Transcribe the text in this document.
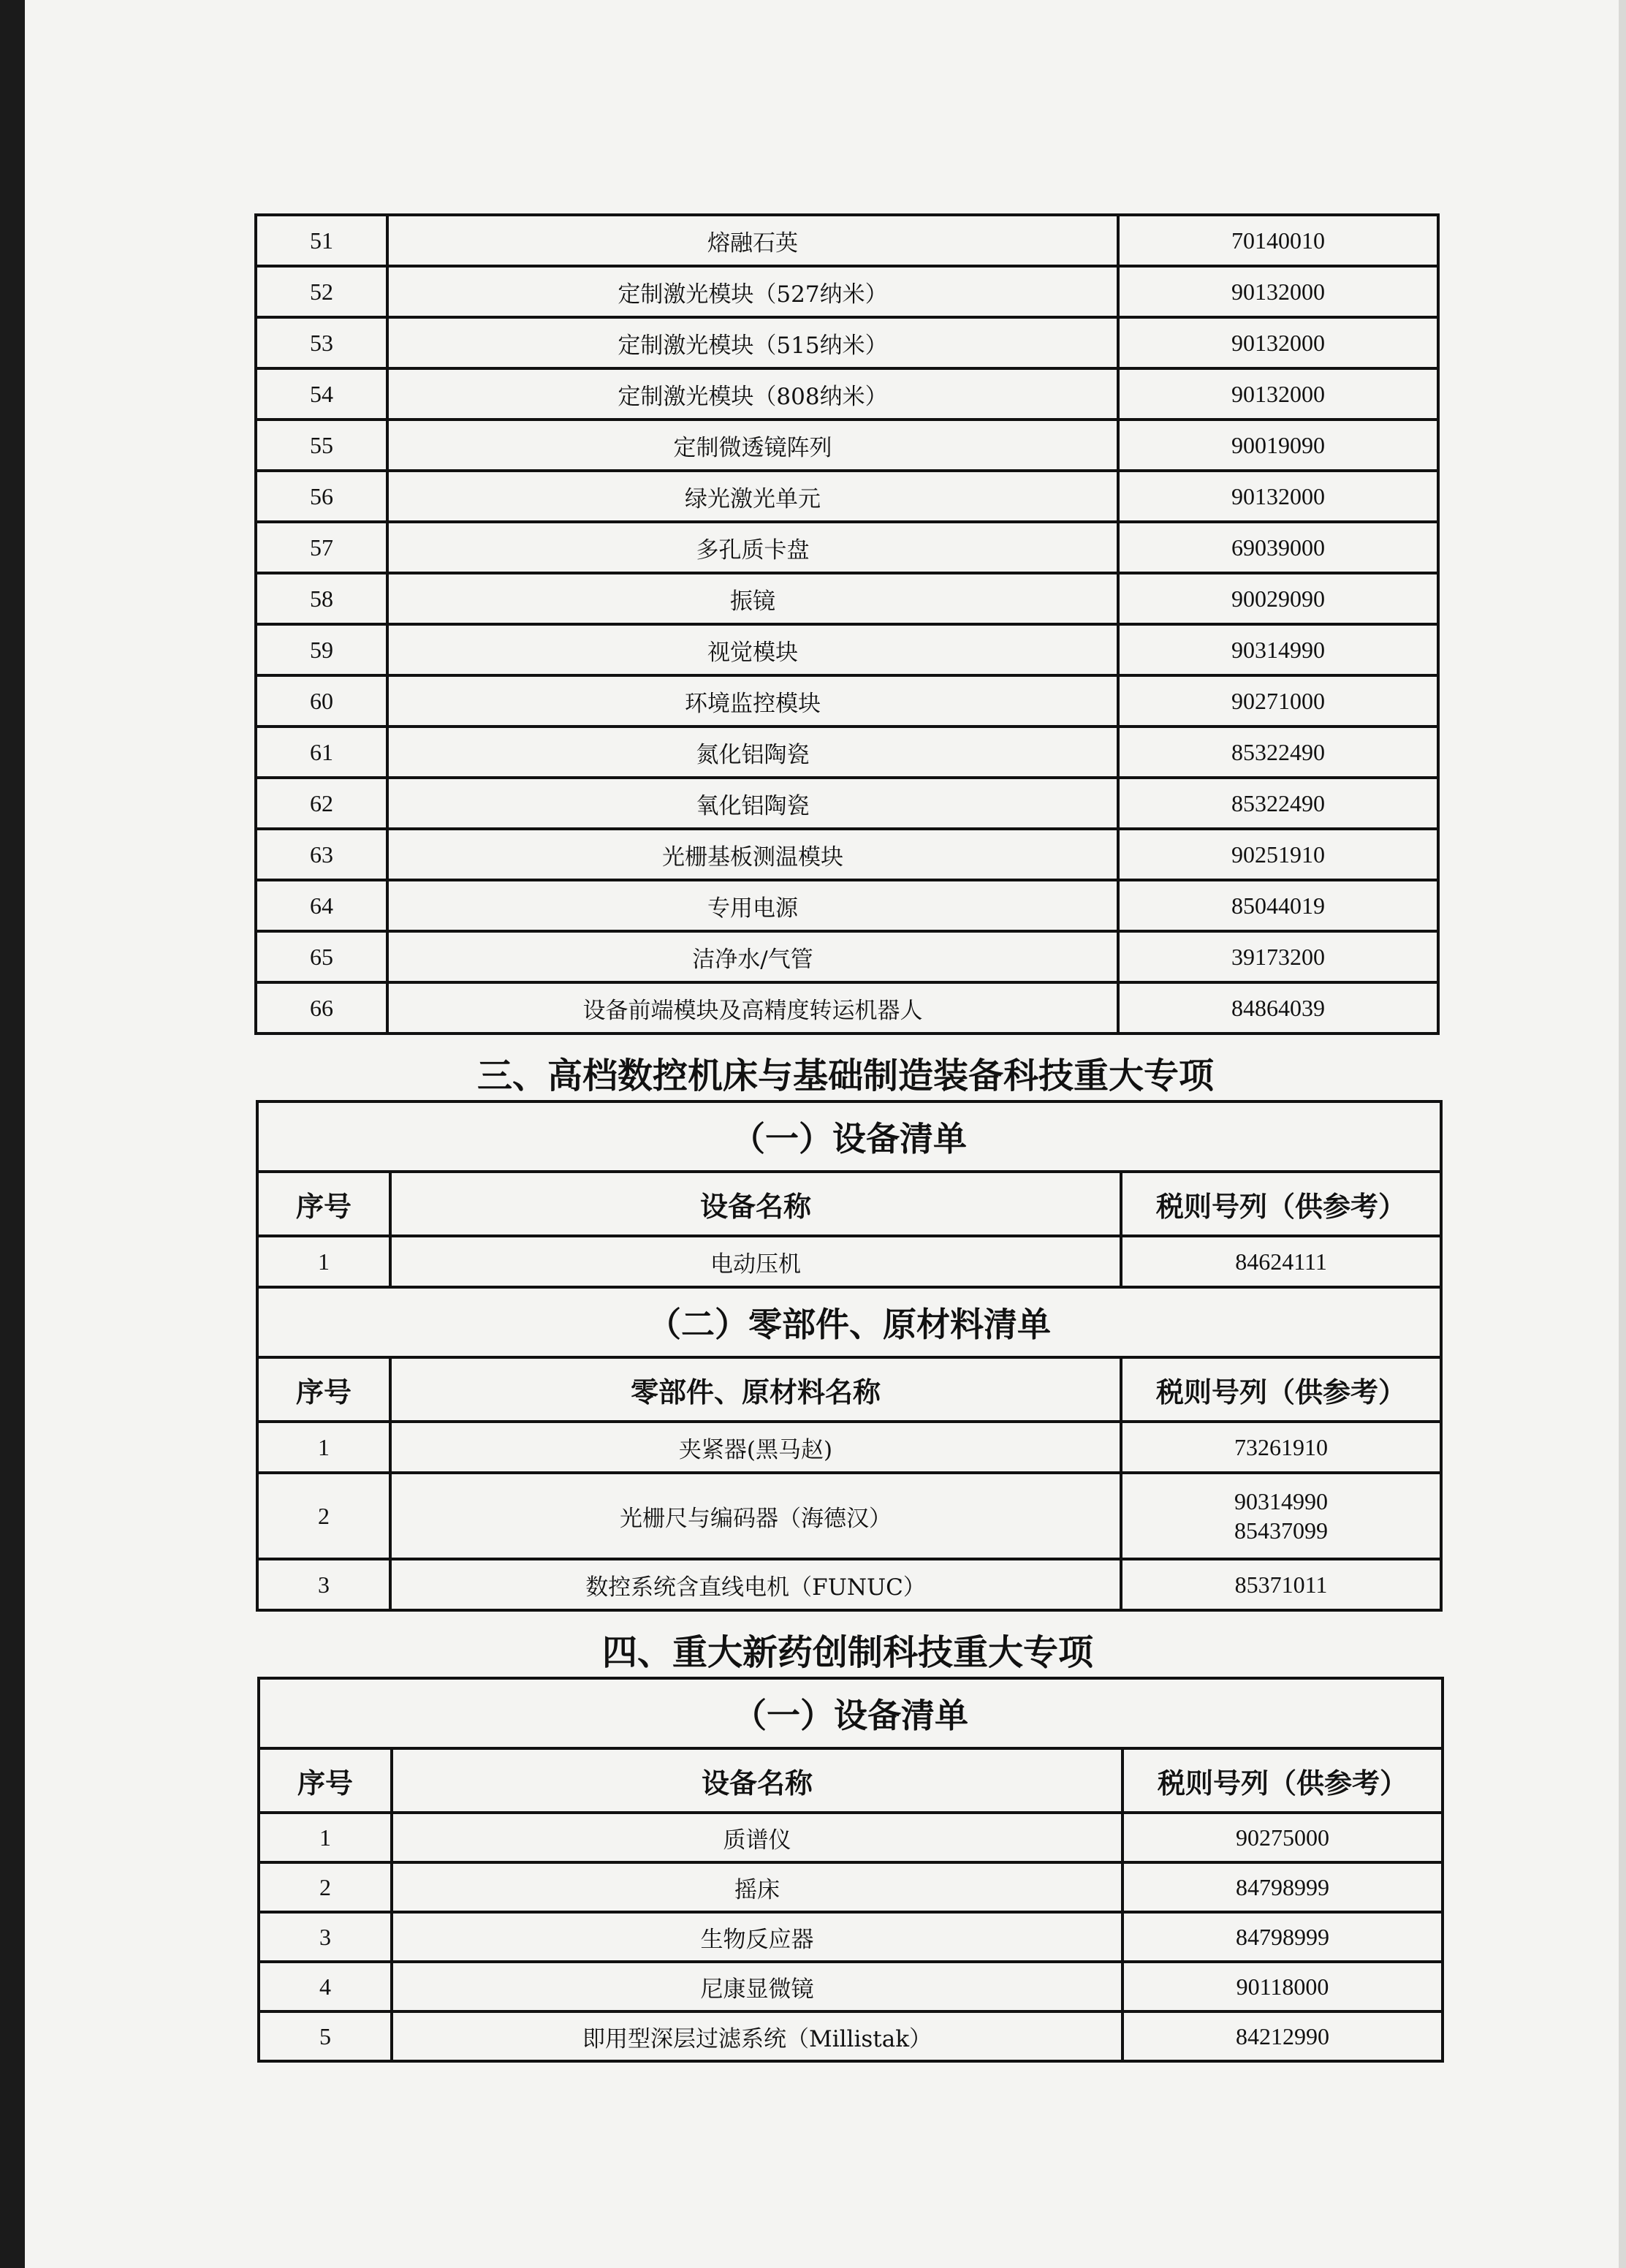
51	熔融石英	70140010
52	定制激光模块（527纳米）	90132000
53	定制激光模块（515纳米）	90132000
54	定制激光模块（808纳米）	90132000
55	定制微透镜阵列	90019090
56	绿光激光单元	90132000
57	多孔质卡盘	69039000
58	振镜	90029090
59	视觉模块	90314990
60	环境监控模块	90271000
61	氮化铝陶瓷	85322490
62	氧化铝陶瓷	85322490
63	光栅基板测温模块	90251910
64	专用电源	85044019
65	洁净水/气管	39173200
66	设备前端模块及高精度转运机器人	84864039
三、高档数控机床与基础制造装备科技重大专项
（一）设备清单		
序号	设备名称	税则号列（供参考）
1	电动压机	84624111
（二）零部件、原材料清单		
序号	零部件、原材料名称	税则号列（供参考）
1	夹紧器(黑马赵)	73261910
2	光栅尺与编码器（海德汉）	90314990
85437099

3	数控系统含直线电机（FUNUC）	85371011
四、重大新药创制科技重大专项
（一）设备清单		
序号	设备名称	税则号列（供参考）
1	质谱仪	90275000
2	摇床	84798999
3	生物反应器	84798999
4	尼康显微镜	90118000
5	即用型深层过滤系统（Millistak）	84212990
